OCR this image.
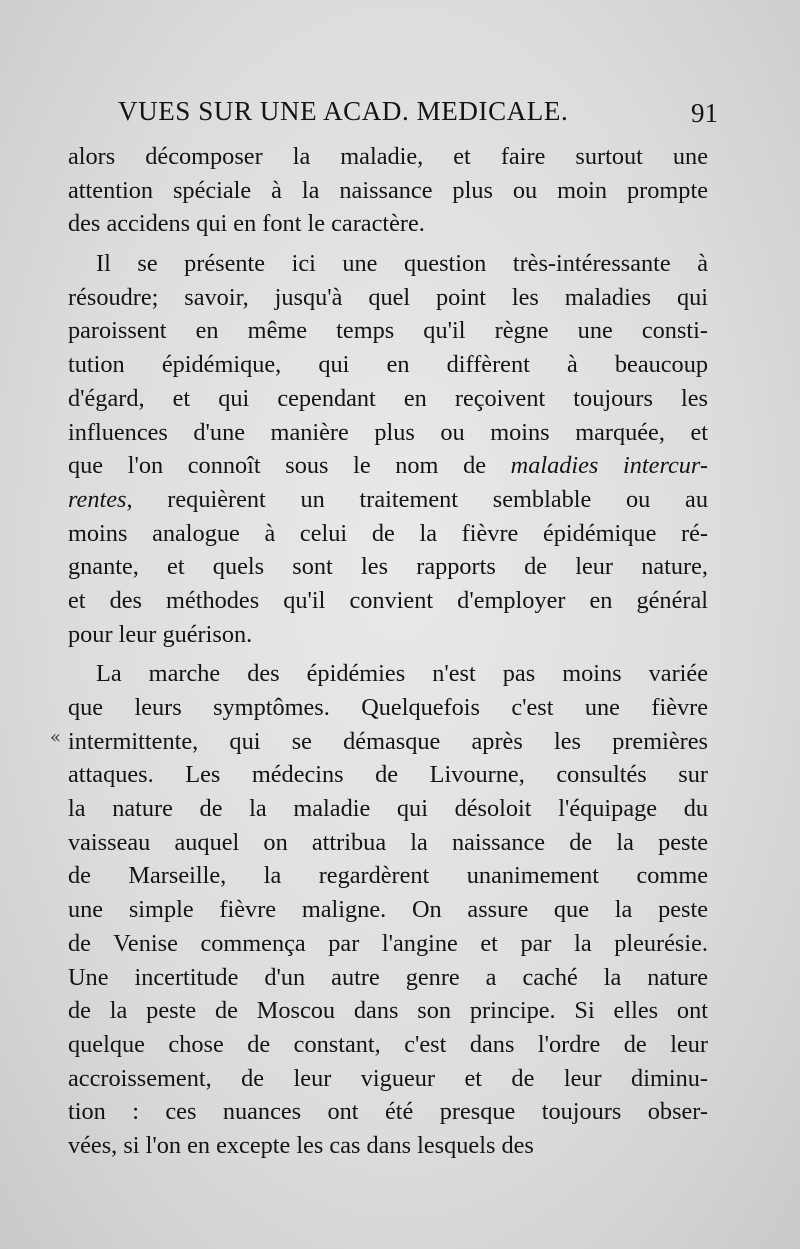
VUES SUR UNE ACAD. MEDICALE.	91
«
alors décomposer la maladie, et faire surtout une
attention spéciale à la naissance plus ou moin prompte
des accidens qui en font le caractère.
Il se présente ici une question très-intéressante à
résoudre; savoir, jusqu'à quel point les maladies qui
paroissent en même temps qu'il règne une consti-
tution épidémique, qui en diffèrent à beaucoup
d'égard, et qui cependant en reçoivent toujours les
influences d'une manière plus ou moins marquée, et
que l'on connoît sous le nom de maladies intercur-
rentes, requièrent un traitement semblable ou au
moins analogue à celui de la fièvre épidémique ré-
gnante, et quels sont les rapports de leur nature,
et des méthodes qu'il convient d'employer en général
pour leur guérison.
La marche des épidémies n'est pas moins variée
que leurs symptômes. Quelquefois c'est une fièvre
intermittente, qui se démasque après les premières
attaques. Les médecins de Livourne, consultés sur
la nature de la maladie qui désoloit l'équipage du
vaisseau auquel on attribua la naissance de la peste
de Marseille, la regardèrent unanimement comme
une simple fièvre maligne. On assure que la peste
de Venise commença par l'angine et par la pleurésie.
Une incertitude d'un autre genre a caché la nature
de la peste de Moscou dans son principe. Si elles ont
quelque chose de constant, c'est dans l'ordre de leur
accroissement, de leur vigueur et de leur diminu-
tion : ces nuances ont été presque toujours obser-
vées, si l'on en excepte les cas dans lesquels des
